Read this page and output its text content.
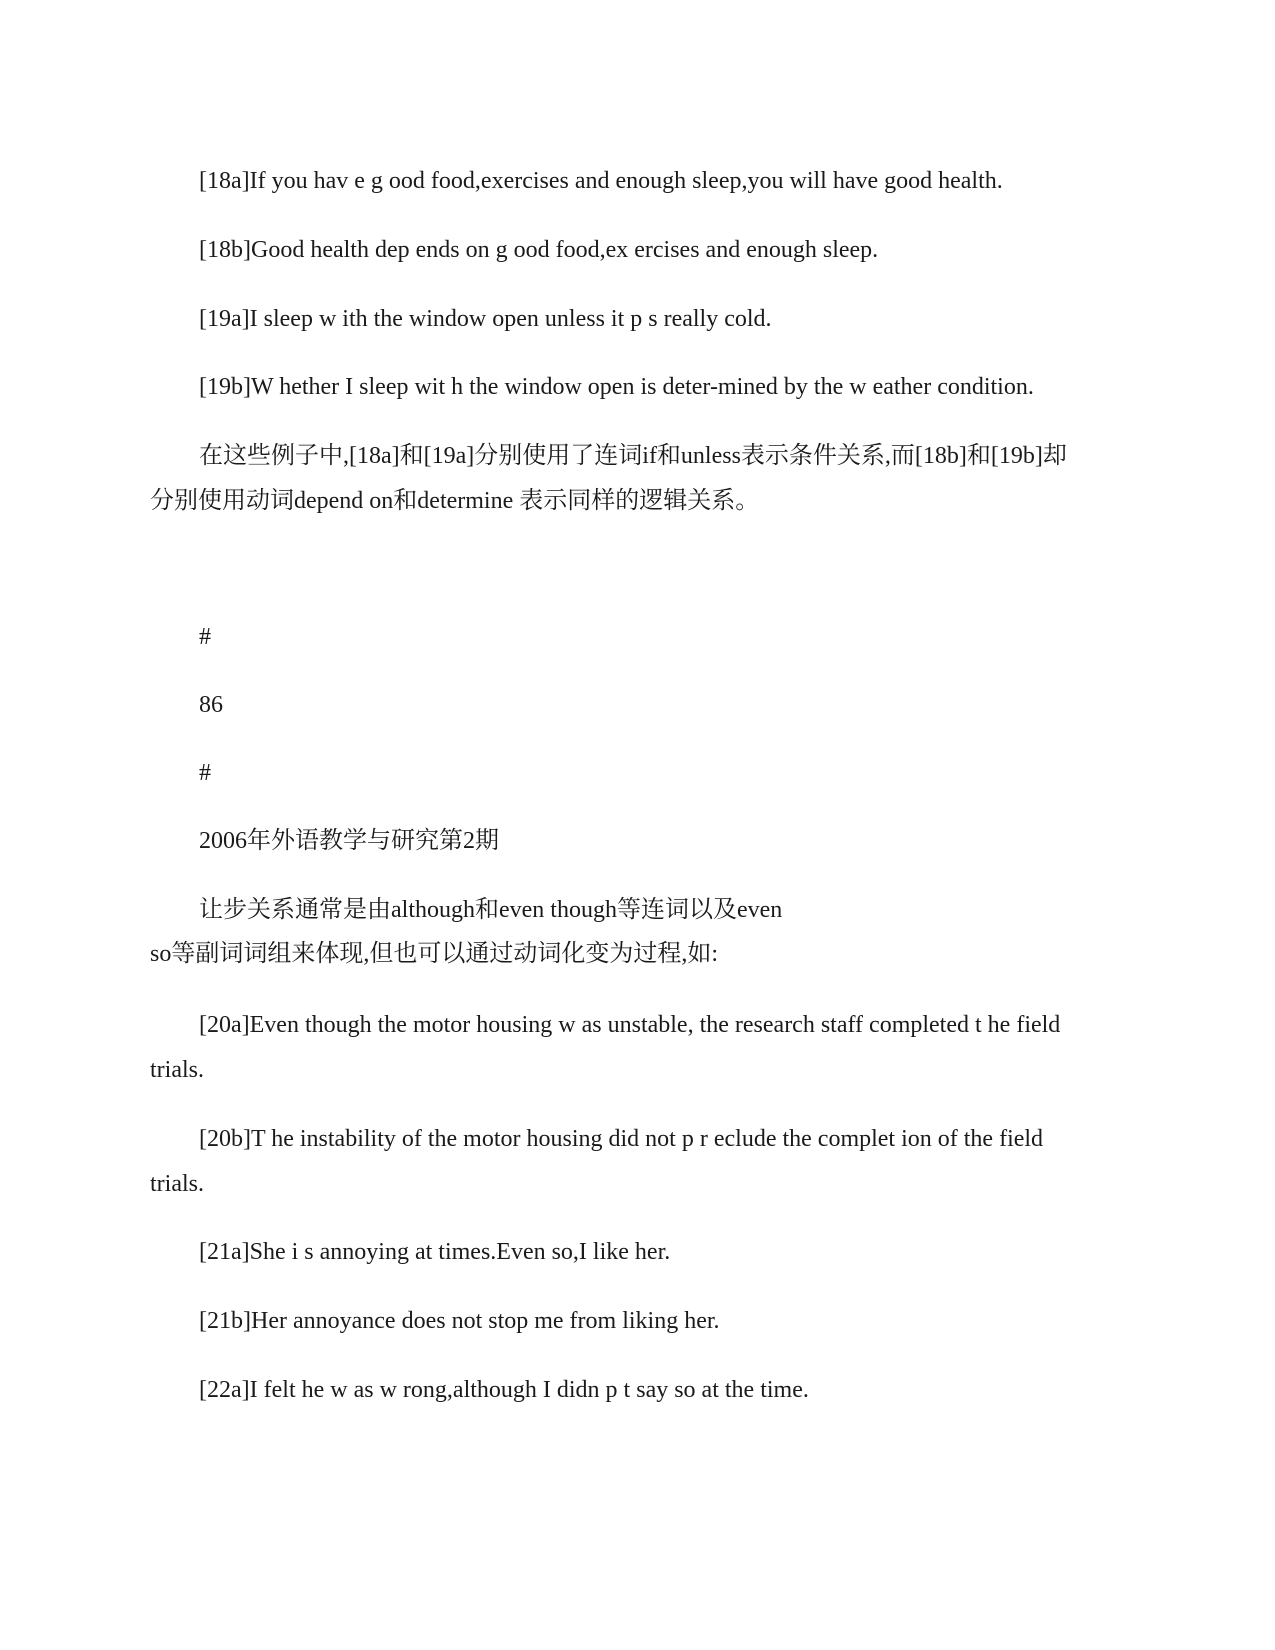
[18a]If you hav e g ood food,exercises and enough sleep,you will have good health.
[18b]Good health dep ends on g ood food,ex ercises and enough sleep.
[19a]I sleep w ith the window open unless it p s really cold.
[19b]W hether I sleep wit h the window open is deter-mined by the w eather condition.
在这些例子中,[18a]和[19a]分别使用了连词if和unless表示条件关系,而[18b]和[19b]却
分别使用动词depend on和determine 表示同样的逻辑关系。
#
86
#
2006年外语教学与研究第2期
让步关系通常是由although和even though等连词以及even
so等副词词组来体现,但也可以通过动词化变为过程,如:
[20a]Even though the motor housing w as unstable, the research staff completed t he field
trials.
[20b]T he instability of the motor housing did not p r eclude the complet ion of the field
trials.
[21a]She i s annoying at times.Even so,I like her.
[21b]Her annoyance does not stop me from liking her.
[22a]I felt he w as w rong,although I didn p t say so at the time.
